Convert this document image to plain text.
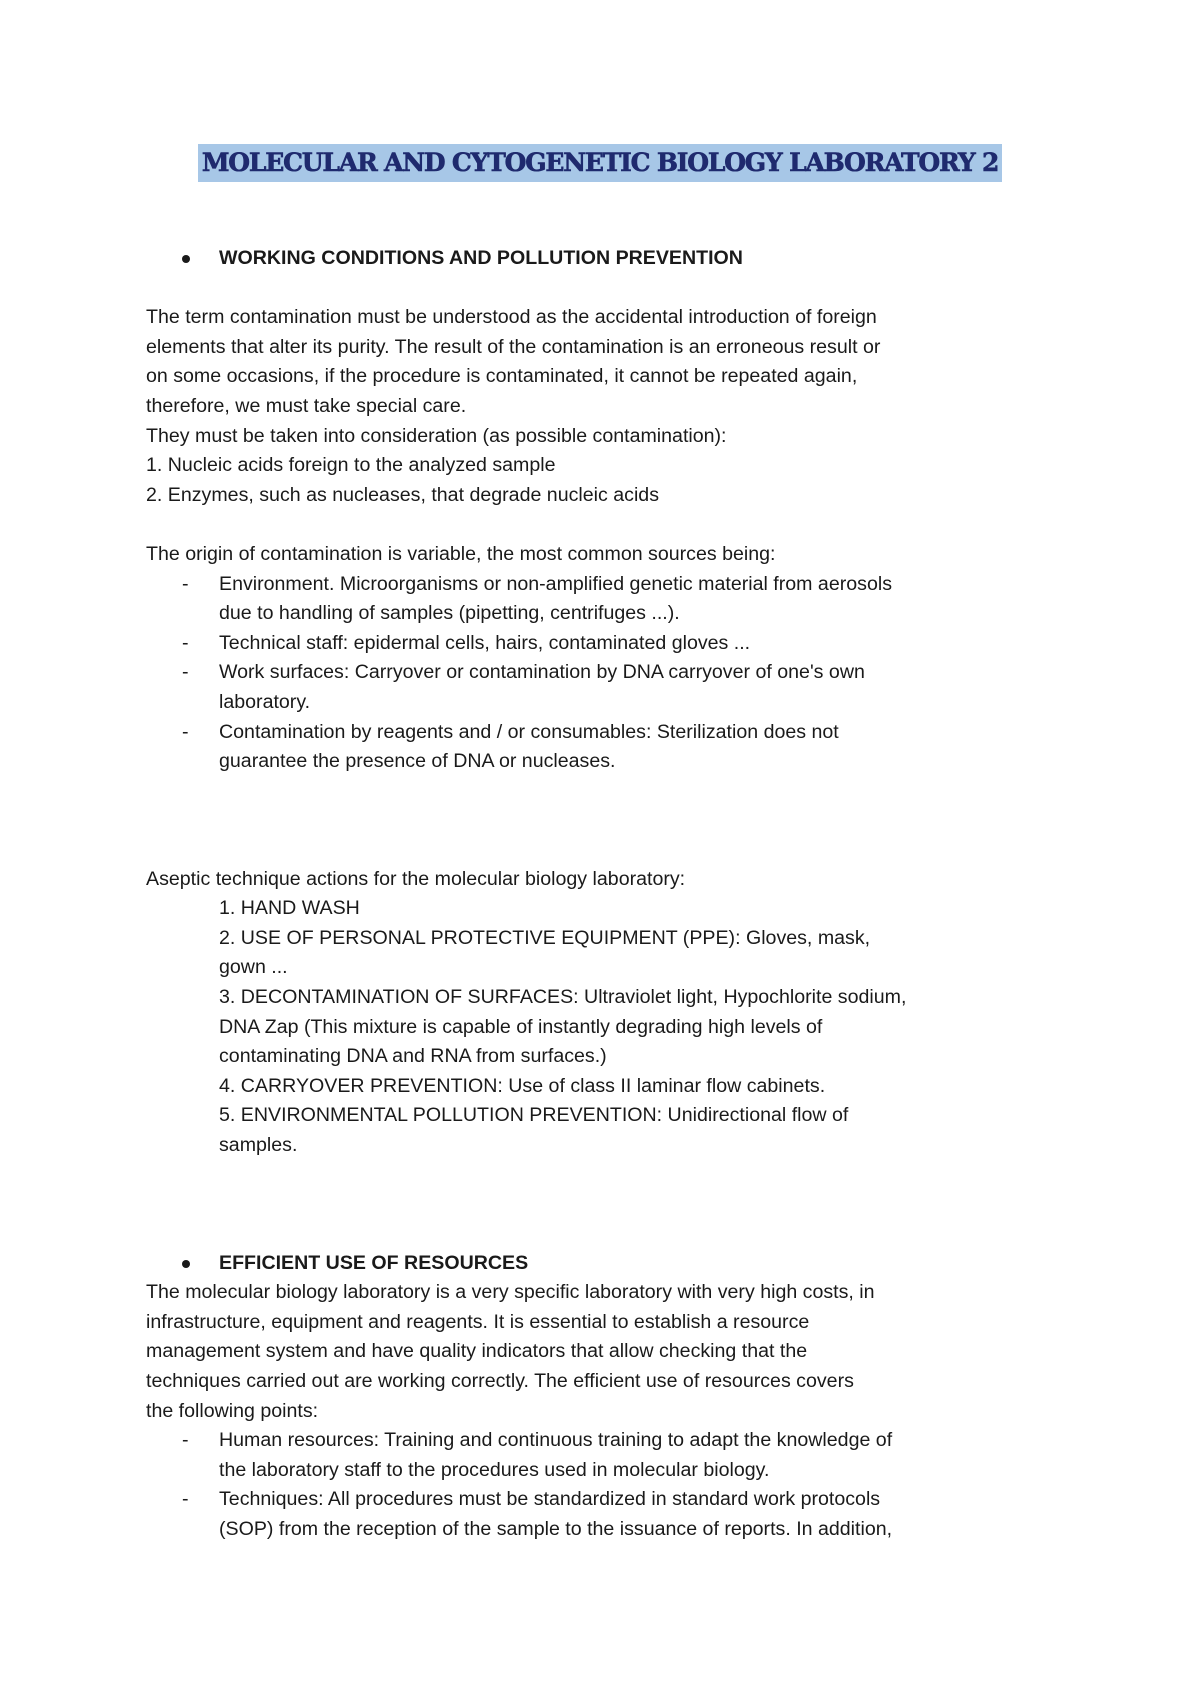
MOLECULAR AND CYTOGENETIC BIOLOGY LABORATORY 2
WORKING CONDITIONS AND POLLUTION PREVENTION
The term contamination must be understood as the accidental introduction of foreign
elements that alter its purity. The result of the contamination is an erroneous result or
on some occasions, if the procedure is contaminated, it cannot be repeated again,
therefore, we must take special care.
They must be taken into consideration (as possible contamination):
1. Nucleic acids foreign to the analyzed sample
2. Enzymes, such as nucleases, that degrade nucleic acids

The origin of contamination is variable, the most common sources being:

- Environment. Microorganisms or non-amplified genetic material from aerosols
due to handling of samples (pipetting, centrifuges ...).
- Technical staff: epidermal cells, hairs, contaminated gloves ...
- Work surfaces: Carryover or contamination by DNA carryover of one's own
laboratory.
- Contamination by reagents and / or consumables: Sterilization does not
guarantee the presence of DNA or nucleases.

Aseptic technique actions for the molecular biology laboratory:

1. HAND WASH
2. USE OF PERSONAL PROTECTIVE EQUIPMENT (PPE): Gloves, mask,
gown ...
3. DECONTAMINATION OF SURFACES: Ultraviolet light, Hypochlorite sodium,
DNA Zap (This mixture is capable of instantly degrading high levels of
contaminating DNA and RNA from surfaces.)
4. CARRYOVER PREVENTION: Use of class II laminar flow cabinets.
5. ENVIRONMENTAL POLLUTION PREVENTION: Unidirectional flow of
samples.
EFFICIENT USE OF RESOURCES
The molecular biology laboratory is a very specific laboratory with very high costs, in
infrastructure, equipment and reagents. It is essential to establish a resource
management system and have quality indicators that allow checking that the
techniques carried out are working correctly. The efficient use of resources covers
the following points:
- Human resources: Training and continuous training to adapt the knowledge of
the laboratory staff to the procedures used in molecular biology.
- Techniques: All procedures must be standardized in standard work protocols
(SOP) from the reception of the sample to the issuance of reports. In addition,
